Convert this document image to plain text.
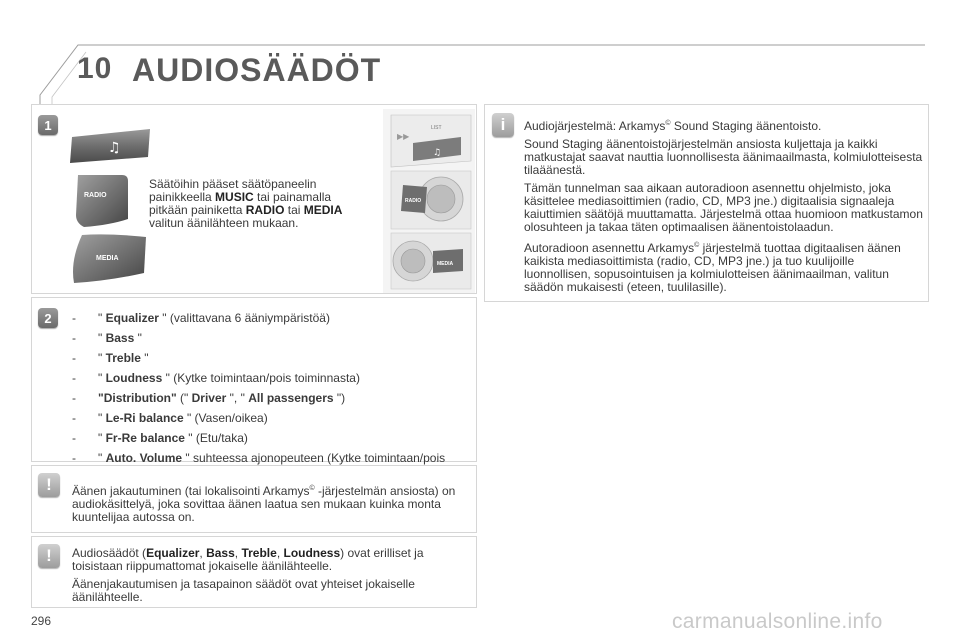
10 AUDIOSÄÄDÖT
1
♫
RADIO
MEDIA
Säätöihin pääset säätöpaneelin painikkeella MUSIC tai painamalla pitkään painiketta RADIO tai MEDIA valitun äänilähteen mukaan.
LIST
▶▶
♫
RADIO
MEDIA
2	-	" Equalizer " (valittavana 6 ääniympäristöä)
-	" Bass "
-	" Treble "
-	" Loudness " (Kytke toimintaan/pois toiminnasta)
-	"Distribution" (" Driver ", " All passengers ")
-	" Le-Ri balance " (Vasen/oikea)
-	" Fr-Re balance " (Etu/taka)
-	" Auto. Volume " suhteessa ajonopeuteen (Kytke toimintaan/pois
!	Äänen jakautuminen (tai lokalisointi Arkamys© -järjestelmän ansiosta) on audiokäsittelyä, joka sovittaa äänen laatua sen mukaan kuinka monta kuuntelijaa autossa on.
!	Audiosäädöt (Equalizer, Bass, Treble, Loudness) ovat erilliset ja toisistaan riippumattomat jokaiselle äänilähteelle.

Äänenjakautumisen ja tasapainon säädöt ovat yhteiset jokaiselle äänilähteelle.

i	Audiojärjestelmä: Arkamys© Sound Staging äänentoisto.

Sound Staging äänentoistojärjestelmän ansiosta kuljettaja ja kaikki matkustajat saavat nauttia luonnollisesta äänimaailmasta, kolmiulotteisesta tilaäänestä.

Tämän tunnelman saa aikaan autoradioon asennettu ohjelmisto, joka käsittelee mediasoittimien (radio, CD, MP3 jne.) digitaalisia signaaleja kaiuttimien säätöjä muuttamatta. Järjestelmä ottaa huomioon matkustamon olosuhteen ja takaa täten optimaalisen äänentoistolaadun.

Autoradioon asennettu Arkamys© järjestelmä tuottaa digitaalisen äänen kaikista mediasoittimista (radio, CD, MP3 jne.) ja tuo kuulijoille luonnollisen, sopusointuisen ja kolmiulotteisen äänimaailman, valitun säädön mukaisesti (eteen, tuulilasille).

296	carmanualsonline.info
